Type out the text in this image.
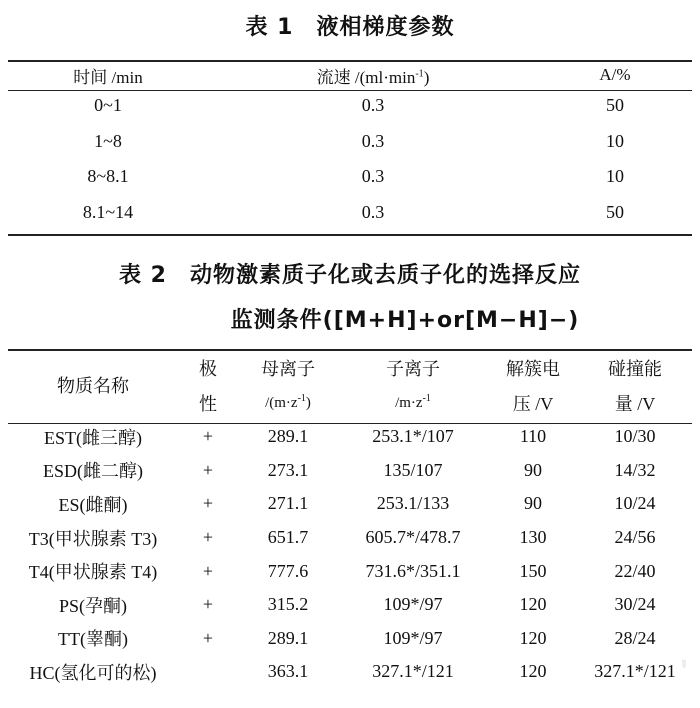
表 1　液相梯度参数
时间 /min	流速 $/(ml\cdot\min^{-1})$	A/%
0~1	0.3	50
1~8	0.3	10
8~8.1	0.3	10
8.1~14	0.3	50
表 2　动物激素质子化或去质子化的选择反应
监测条件([M+H]+or[M−H]−)
物质名称	极	母离子	子离子	解簇电	碰撞能
	性	$/(m\cdot z^{-1})$	$/m\cdot z^{-1}$	压 /V	量 /V
EST(雌三醇)	+	289.1	253.1*/107	110	10/30
ESD(雌二醇)	+	273.1	135/107	90	14/32
ES(雌酮)	+	271.1	253.1/133	90	10/24
T3(甲状腺素 T3)	+	651.7	605.7*/478.7	130	24/56
T4(甲状腺素 T4)	+	777.6	731.6*/351.1	150	22/40
PS(孕酮)	+	315.2	109*/97	120	30/24
TT(睾酮)	+	289.1	109*/97	120	28/24
HC(氢化可的松)		363.1	327.1*/121	120	327.1*/121 ✎
